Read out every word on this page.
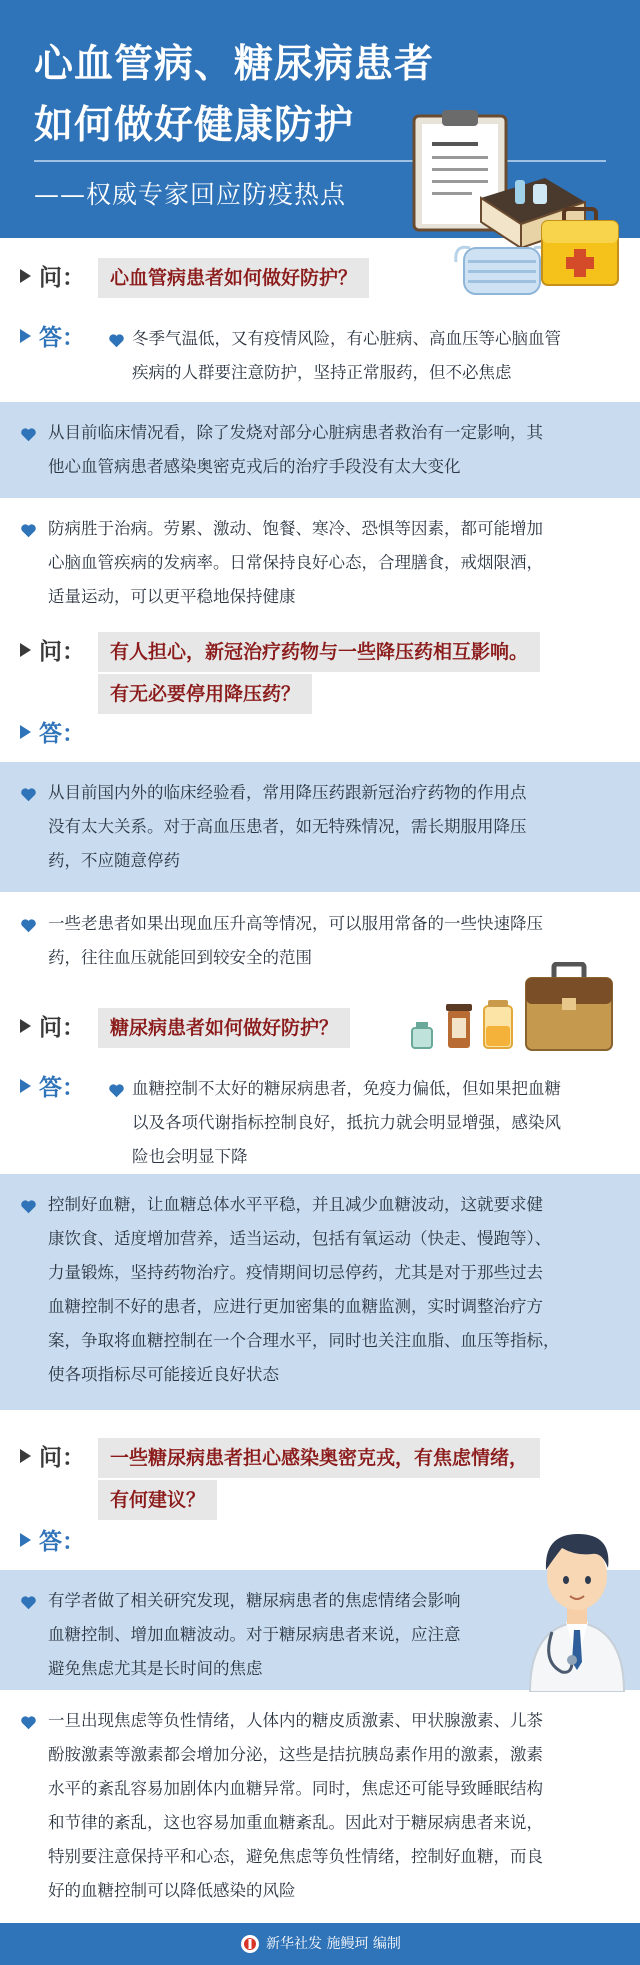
心血管病、糖尿病患者
如何做好健康防护
——权威专家回应防疫热点
问： 心血管病患者如何做好防护？
答：	冬季气温低，又有疫情风险，有心脏病、高血压等心脑血管
疾病的人群要注意防护，坚持正常服药，但不必焦虑
从目前临床情况看，除了发烧对部分心脏病患者救治有一定影响，其
他心血管病患者感染奥密克戎后的治疗手段没有太大变化
防病胜于治病。劳累、激动、饱餐、寒冷、恐惧等因素，都可能增加
心脑血管疾病的发病率。日常保持良好心态，合理膳食，戒烟限酒，
适量运动，可以更平稳地保持健康
问： 有人担心，新冠治疗药物与一些降压药相互影响。
有无必要停用降压药？
答：
从目前国内外的临床经验看，常用降压药跟新冠治疗药物的作用点
没有太大关系。对于高血压患者，如无特殊情况，需长期服用降压
药，不应随意停药
一些老患者如果出现血压升高等情况，可以服用常备的一些快速降压
药，往往血压就能回到较安全的范围
问： 糖尿病患者如何做好防护？
答：	血糖控制不太好的糖尿病患者，免疫力偏低，但如果把血糖
以及各项代谢指标控制良好，抵抗力就会明显增强，感染风
险也会明显下降
控制好血糖，让血糖总体水平平稳，并且减少血糖波动，这就要求健
康饮食、适度增加营养，适当运动，包括有氧运动（快走、慢跑等）、
力量锻炼，坚持药物治疗。疫情期间切忌停药，尤其是对于那些过去
血糖控制不好的患者，应进行更加密集的血糖监测，实时调整治疗方
案，争取将血糖控制在一个合理水平，同时也关注血脂、血压等指标，
使各项指标尽可能接近良好状态
问： 一些糖尿病患者担心感染奥密克戎，有焦虑情绪，
有何建议？
答：
有学者做了相关研究发现，糖尿病患者的焦虑情绪会影响
血糖控制、增加血糖波动。对于糖尿病患者来说，应注意
避免焦虑尤其是长时间的焦虑
一旦出现焦虑等负性情绪，人体内的糖皮质激素、甲状腺激素、儿茶
酚胺激素等激素都会增加分泌，这些是拮抗胰岛素作用的激素，激素
水平的紊乱容易加剧体内血糖异常。同时，焦虑还可能导致睡眠结构
和节律的紊乱，这也容易加重血糖紊乱。因此对于糖尿病患者来说，
特别要注意保持平和心态，避免焦虑等负性情绪，控制好血糖，而良
好的血糖控制可以降低感染的风险
新华社发 施鳗珂 编制
